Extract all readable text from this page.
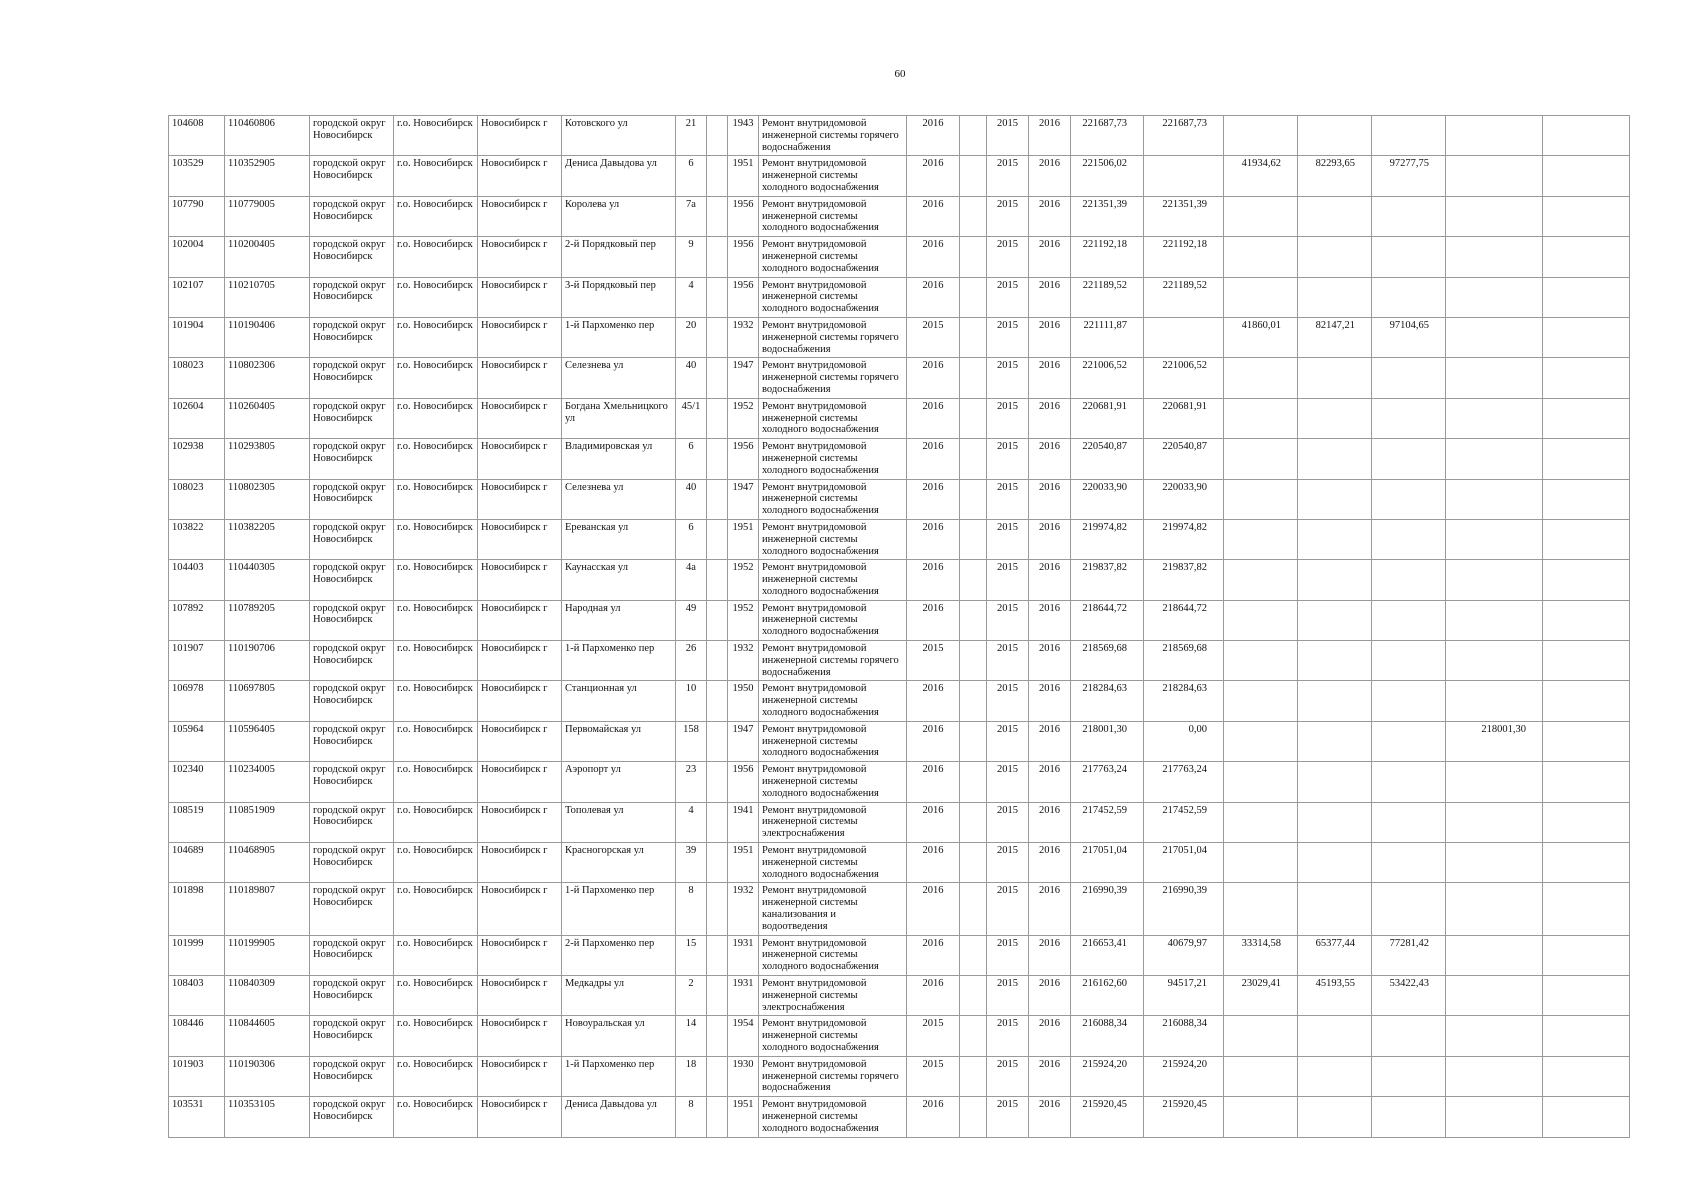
60
104608	110460806	городской округ Новосибирск	г.о. Новосибирск	Новосибирск г	Котовского ул	21		1943	Ремонт внутридомовой инженерной системы горячего водоснабжения	2016		2015	2016	221687,73	221687,73					
103529	110352905	городской округ Новосибирск	г.о. Новосибирск	Новосибирск г	Дениса Давыдова ул	6		1951	Ремонт внутридомовой инженерной системы холодного водоснабжения	2016		2015	2016	221506,02		41934,62	82293,65	97277,75		
107790	110779005	городской округ Новосибирск	г.о. Новосибирск	Новосибирск г	Королева ул	7а		1956	Ремонт внутридомовой инженерной системы холодного водоснабжения	2016		2015	2016	221351,39	221351,39					
102004	110200405	городской округ Новосибирск	г.о. Новосибирск	Новосибирск г	2-й Порядковый пер	9		1956	Ремонт внутридомовой инженерной системы холодного водоснабжения	2016		2015	2016	221192,18	221192,18					
102107	110210705	городской округ Новосибирск	г.о. Новосибирск	Новосибирск г	3-й Порядковый пер	4		1956	Ремонт внутридомовой инженерной системы холодного водоснабжения	2016		2015	2016	221189,52	221189,52					
101904	110190406	городской округ Новосибирск	г.о. Новосибирск	Новосибирск г	1-й Пархоменко пер	20		1932	Ремонт внутридомовой инженерной системы горячего водоснабжения	2015		2015	2016	221111,87		41860,01	82147,21	97104,65		
108023	110802306	городской округ Новосибирск	г.о. Новосибирск	Новосибирск г	Селезнева ул	40		1947	Ремонт внутридомовой инженерной системы горячего водоснабжения	2016		2015	2016	221006,52	221006,52					
102604	110260405	городской округ Новосибирск	г.о. Новосибирск	Новосибирск г	Богдана Хмельницкого ул	45/1		1952	Ремонт внутридомовой инженерной системы холодного водоснабжения	2016		2015	2016	220681,91	220681,91					
102938	110293805	городской округ Новосибирск	г.о. Новосибирск	Новосибирск г	Владимировская ул	6		1956	Ремонт внутридомовой инженерной системы холодного водоснабжения	2016		2015	2016	220540,87	220540,87					
108023	110802305	городской округ Новосибирск	г.о. Новосибирск	Новосибирск г	Селезнева ул	40		1947	Ремонт внутридомовой инженерной системы холодного водоснабжения	2016		2015	2016	220033,90	220033,90					
103822	110382205	городской округ Новосибирск	г.о. Новосибирск	Новосибирск г	Ереванская ул	6		1951	Ремонт внутридомовой инженерной системы холодного водоснабжения	2016		2015	2016	219974,82	219974,82					
104403	110440305	городской округ Новосибирск	г.о. Новосибирск	Новосибирск г	Каунасская ул	4а		1952	Ремонт внутридомовой инженерной системы холодного водоснабжения	2016		2015	2016	219837,82	219837,82					
107892	110789205	городской округ Новосибирск	г.о. Новосибирск	Новосибирск г	Народная ул	49		1952	Ремонт внутридомовой инженерной системы холодного водоснабжения	2016		2015	2016	218644,72	218644,72					
101907	110190706	городской округ Новосибирск	г.о. Новосибирск	Новосибирск г	1-й Пархоменко пер	26		1932	Ремонт внутридомовой инженерной системы горячего водоснабжения	2015		2015	2016	218569,68	218569,68					
106978	110697805	городской округ Новосибирск	г.о. Новосибирск	Новосибирск г	Станционная ул	10		1950	Ремонт внутридомовой инженерной системы холодного водоснабжения	2016		2015	2016	218284,63	218284,63					
105964	110596405	городской округ Новосибирск	г.о. Новосибирск	Новосибирск г	Первомайская ул	158		1947	Ремонт внутридомовой инженерной системы холодного водоснабжения	2016		2015	2016	218001,30	0,00				218001,30	
102340	110234005	городской округ Новосибирск	г.о. Новосибирск	Новосибирск г	Аэропорт ул	23		1956	Ремонт внутридомовой инженерной системы холодного водоснабжения	2016		2015	2016	217763,24	217763,24					
108519	110851909	городской округ Новосибирск	г.о. Новосибирск	Новосибирск г	Тополевая ул	4		1941	Ремонт внутридомовой инженерной системы электроснабжения	2016		2015	2016	217452,59	217452,59					
104689	110468905	городской округ Новосибирск	г.о. Новосибирск	Новосибирск г	Красногорская ул	39		1951	Ремонт внутридомовой инженерной системы холодного водоснабжения	2016		2015	2016	217051,04	217051,04					
101898	110189807	городской округ Новосибирск	г.о. Новосибирск	Новосибирск г	1-й Пархоменко пер	8		1932	Ремонт внутридомовой инженерной системы канализования и водоотведения	2016		2015	2016	216990,39	216990,39					
101999	110199905	городской округ Новосибирск	г.о. Новосибирск	Новосибирск г	2-й Пархоменко пер	15		1931	Ремонт внутридомовой инженерной системы холодного водоснабжения	2016		2015	2016	216653,41	40679,97	33314,58	65377,44	77281,42		
108403	110840309	городской округ Новосибирск	г.о. Новосибирск	Новосибирск г	Медкадры ул	2		1931	Ремонт внутридомовой инженерной системы электроснабжения	2016		2015	2016	216162,60	94517,21	23029,41	45193,55	53422,43		
108446	110844605	городской округ Новосибирск	г.о. Новосибирск	Новосибирск г	Новоуральская ул	14		1954	Ремонт внутридомовой инженерной системы холодного водоснабжения	2015		2015	2016	216088,34	216088,34					
101903	110190306	городской округ Новосибирск	г.о. Новосибирск	Новосибирск г	1-й Пархоменко пер	18		1930	Ремонт внутридомовой инженерной системы горячего водоснабжения	2015		2015	2016	215924,20	215924,20					
103531	110353105	городской округ Новосибирск	г.о. Новосибирск	Новосибирск г	Дениса Давыдова ул	8		1951	Ремонт внутридомовой инженерной системы холодного водоснабжения	2016		2015	2016	215920,45	215920,45					
